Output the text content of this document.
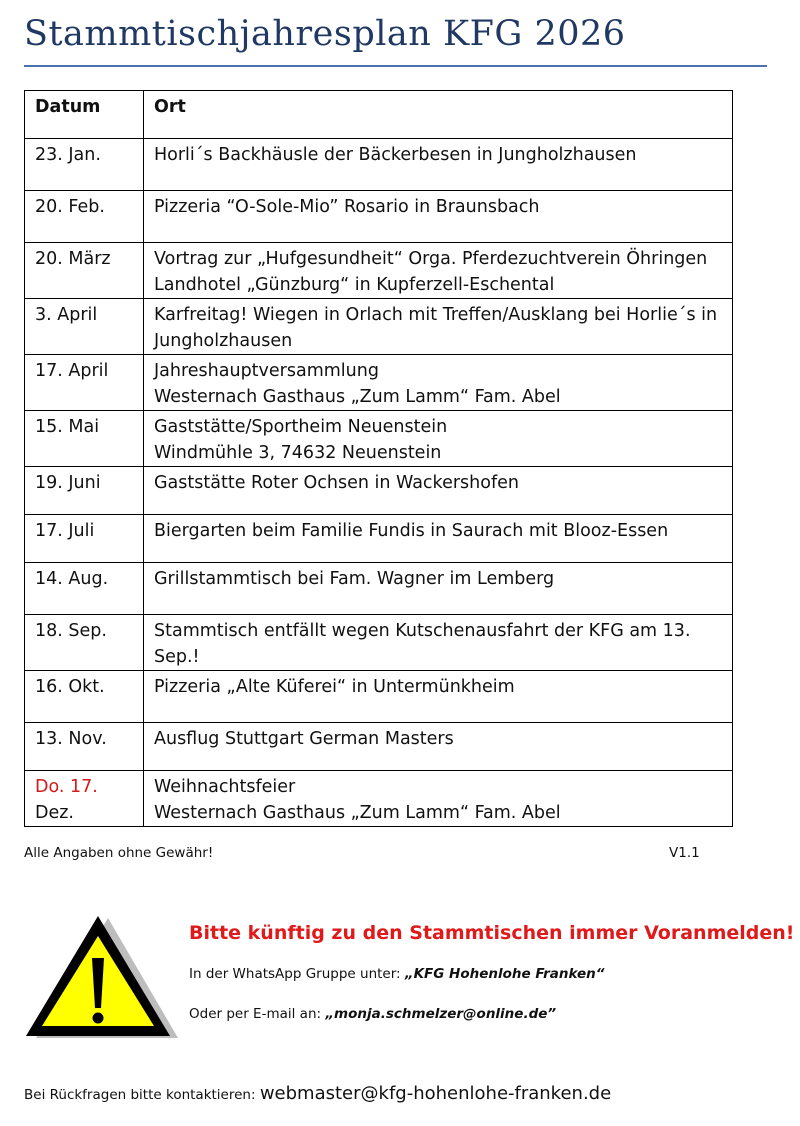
Stammtischjahresplan KFG 2026
Datum	Ort

23. Jan.	Horli´s Backhäusle der Bäckerbesen in Jungholzhausen

20. Feb.	Pizzeria “O-Sole-Mio” Rosario in Braunsbach

20. März	Vortrag zur „Hufgesundheit“ Orga. Pferdezuchtverein Öhringen
Landhotel „Günzburg“ in Kupferzell-Eschental

3. April	Karfreitag! Wiegen in Orlach mit Treffen/Ausklang bei Horlie´s in
Jungholzhausen

17. April	Jahreshauptversammlung
Westernach Gasthaus „Zum Lamm“ Fam. Abel

15. Mai	Gaststätte/Sportheim Neuenstein
Windmühle 3, 74632 Neuenstein

19. Juni	Gaststätte Roter Ochsen in Wackershofen

17. Juli	Biergarten beim Familie Fundis in Saurach mit Blooz-Essen

14. Aug.	Grillstammtisch bei Fam. Wagner im Lemberg

18. Sep.	Stammtisch entfällt wegen Kutschenausfahrt der KFG am 13. Sep.!

16. Okt.	Pizzeria „Alte Küferei“ in Untermünkheim

13. Nov.	Ausflug Stuttgart German Masters

Do. 17.
Dez.	Weihnachtsfeier
Westernach Gasthaus „Zum Lamm“ Fam. Abel
Alle Angaben ohne Gewähr!	V1.1
Bitte künftig zu den Stammtischen immer Voranmelden!
In der WhatsApp Gruppe unter: „KFG Hohenlohe Franken“
Oder per E-mail an: „monja.schmelzer@online.de”
Bei Rückfragen bitte kontaktieren: webmaster@kfg-hohenlohe-franken.de
